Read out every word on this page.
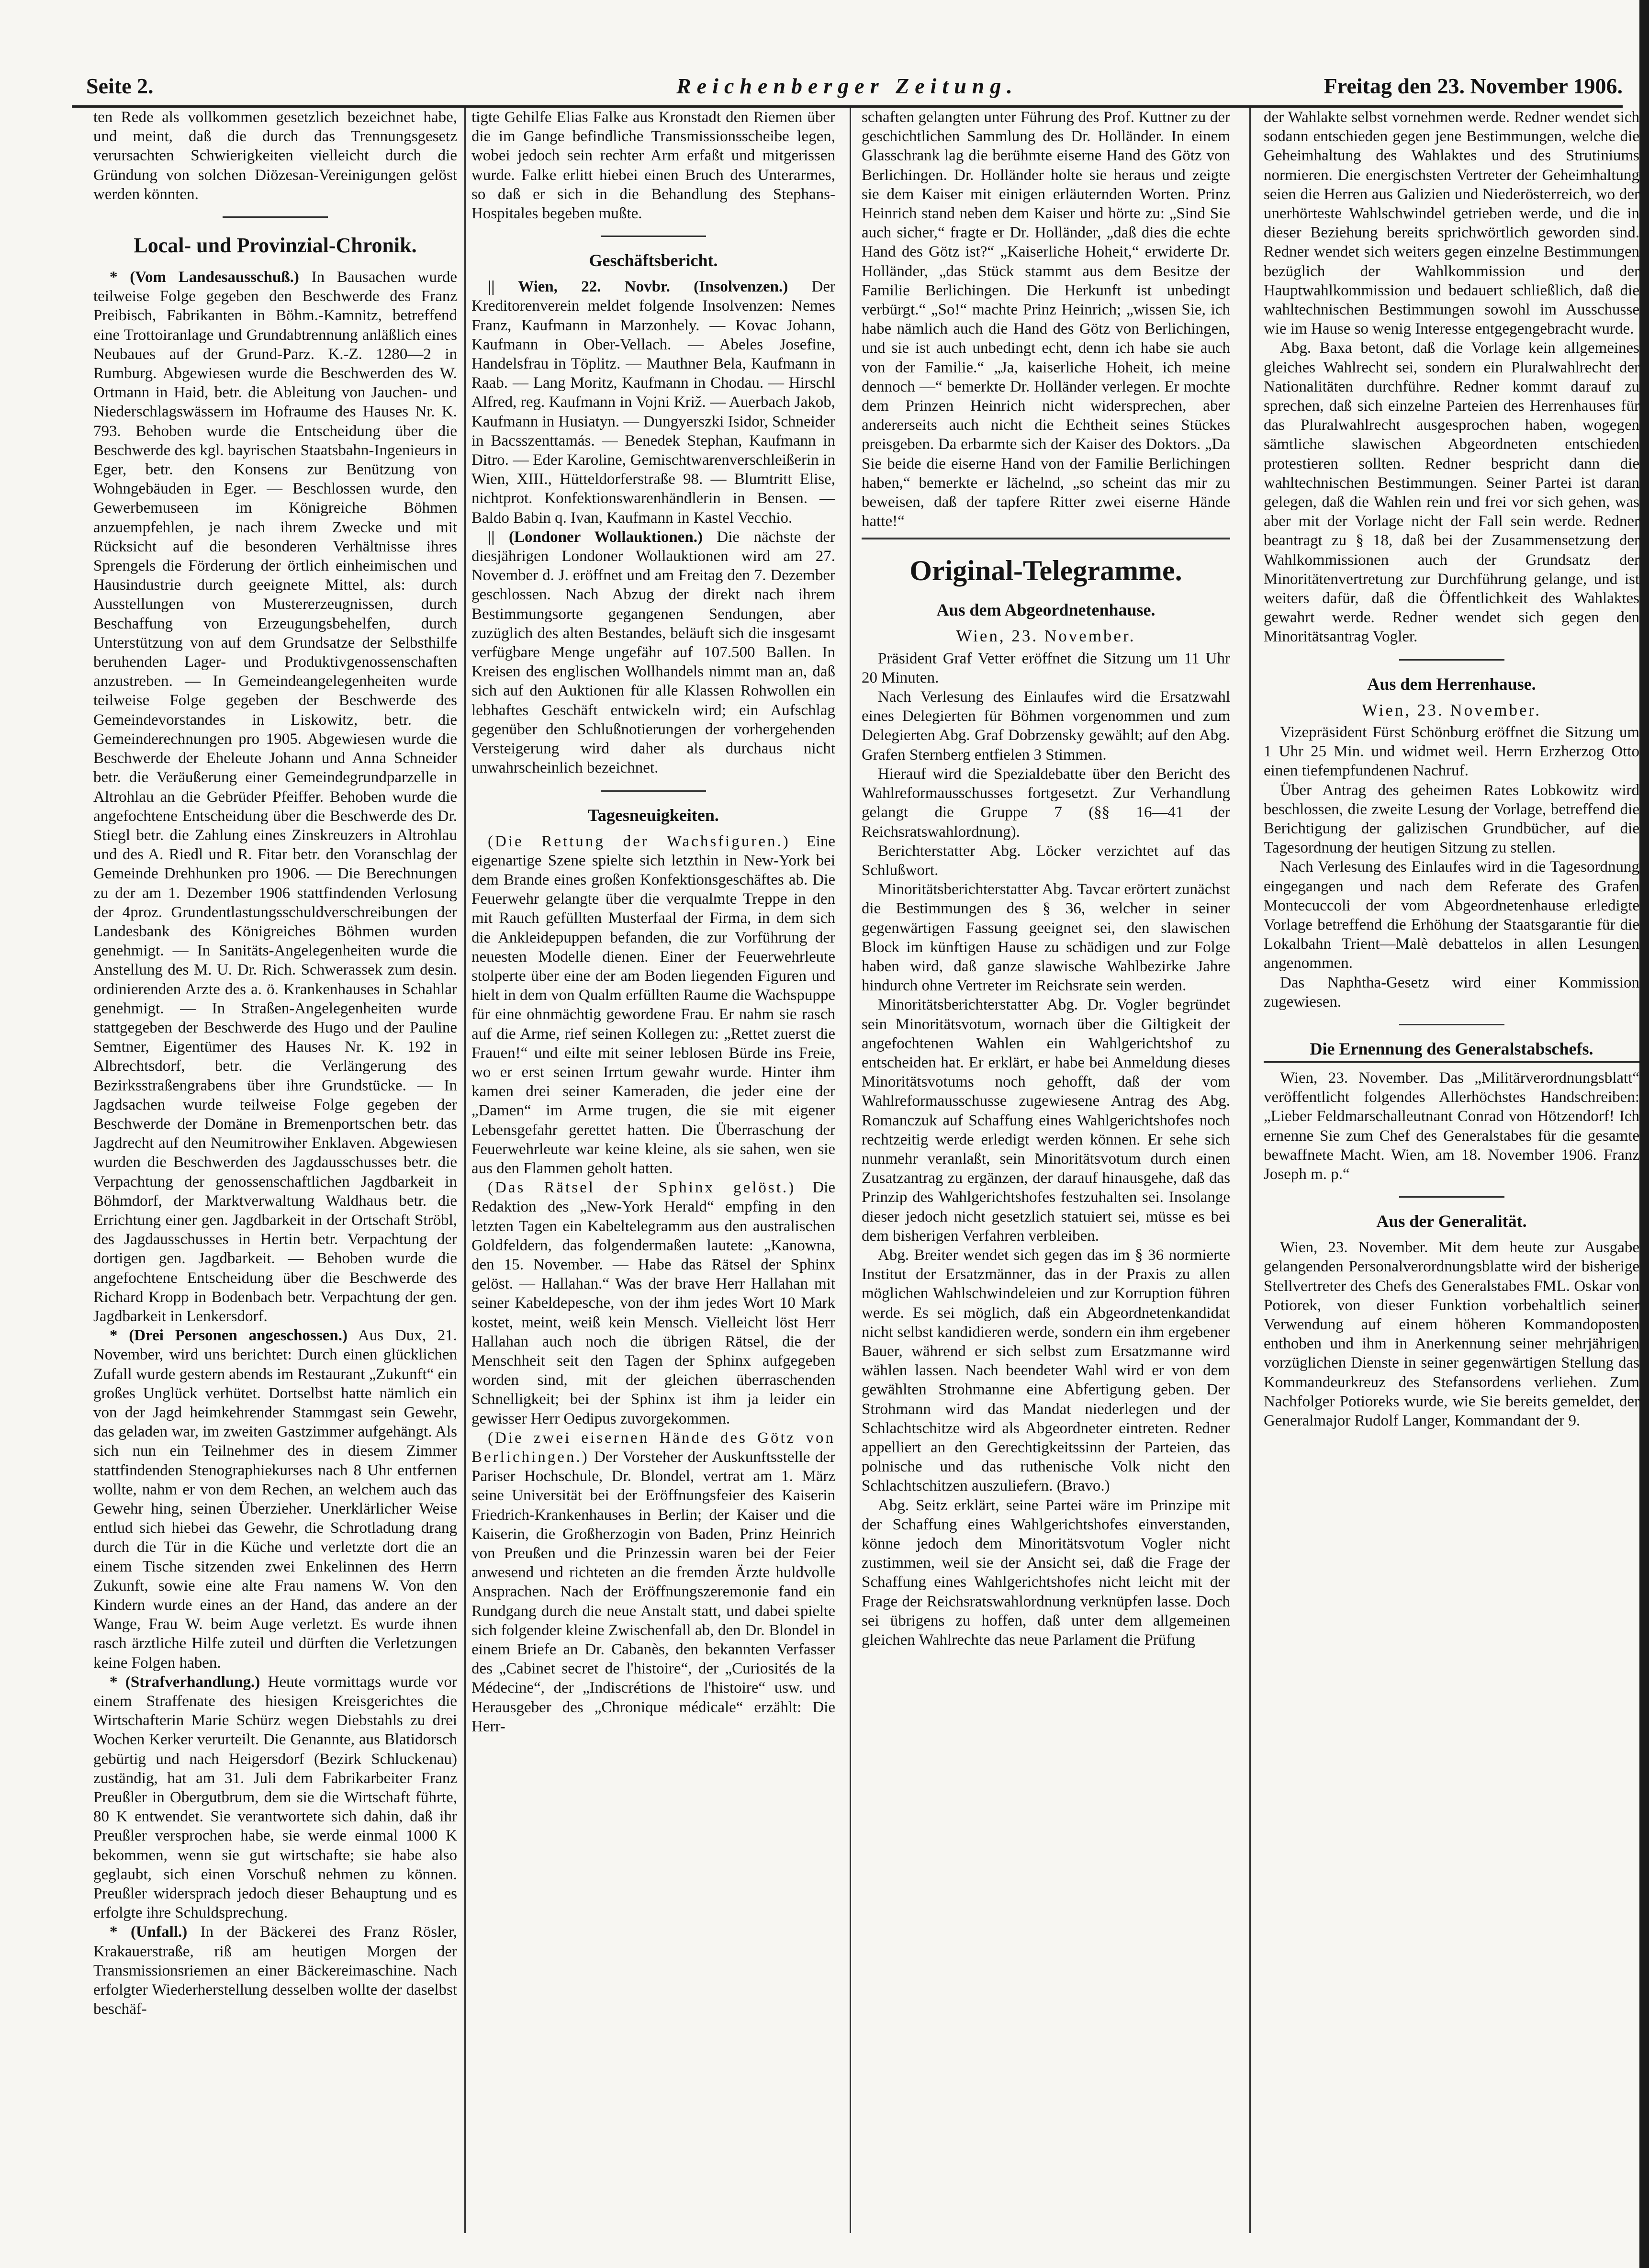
Seite 2.	Reichenberger Zeitung.	Freitag den 23. November 1906.

ten Rede als vollkommen gesetzlich bezeichnet habe, und meint, daß die durch das Trennungsgesetz verursachten Schwierigkeiten vielleicht durch die Gründung von solchen Diözesan-Vereinigungen gelöst werden könnten.

Local- und Provinzial-Chronik.

* (Vom Landesausschuß.) In Bausachen wurde teilweise Folge gegeben den Beschwerde des Franz Preibisch, Fabrikanten in Böhm.-Kamnitz, betreffend eine Trottoiranlage und Grundabtrennung anläßlich eines Neubaues auf der Grund-Parz. K.-Z. 1280—2 in Rumburg. Abgewiesen wurde die Beschwerden des W. Ortmann in Haid, betr. die Ableitung von Jauchen- und Niederschlagswässern im Hofraume des Hauses Nr. K. 793. Behoben wurde die Entscheidung über die Beschwerde des kgl. bayrischen Staatsbahn-Ingenieurs in Eger, betr. den Konsens zur Benützung von Wohngebäuden in Eger. — Beschlossen wurde, den Gewerbemuseen im Königreiche Böhmen anzuempfehlen, je nach ihrem Zwecke und mit Rücksicht auf die besonderen Verhältnisse ihres Sprengels die Förderung der örtlich einheimischen und Hausindustrie durch geeignete Mittel, als: durch Ausstellungen von Mustererzeugnissen, durch Beschaffung von Erzeugungsbehelfen, durch Unterstützung von auf dem Grundsatze der Selbsthilfe beruhenden Lager- und Produktivgenossenschaften anzustreben. — In Gemeindeangelegenheiten wurde teilweise Folge gegeben der Beschwerde des Gemeindevorstandes in Liskowitz, betr. die Gemeinderechnungen pro 1905. Abgewiesen wurde die Beschwerde der Eheleute Johann und Anna Schneider betr. die Veräußerung einer Gemeindegrundparzelle in Altrohlau an die Gebrüder Pfeiffer. Behoben wurde die angefochtene Entscheidung über die Beschwerde des Dr. Stiegl betr. die Zahlung eines Zinskreuzers in Altrohlau und des A. Riedl und R. Fitar betr. den Voranschlag der Gemeinde Drehhunken pro 1906. — Die Berechnungen zu der am 1. Dezember 1906 stattfindenden Verlosung der 4proz. Grundentlastungsschuldverschreibungen der Landesbank des Königreiches Böhmen wurden genehmigt. — In Sanitäts-Angelegenheiten wurde die Anstellung des M. U. Dr. Rich. Schwerassek zum desin. ordinierenden Arzte des a. ö. Krankenhauses in Schahlar genehmigt. — In Straßen-Angelegenheiten wurde stattgegeben der Beschwerde des Hugo und der Pauline Semtner, Eigentümer des Hauses Nr. K. 192 in Albrechtsdorf, betr. die Verlängerung des Bezirksstraßengrabens über ihre Grundstücke. — In Jagdsachen wurde teilweise Folge gegeben der Beschwerde der Domäne in Bremenportschen betr. das Jagdrecht auf den Neumitrowiher Enklaven. Abgewiesen wurden die Beschwerden des Jagdausschusses betr. die Verpachtung der genossenschaftlichen Jagdbarkeit in Böhmdorf, der Marktverwaltung Waldhaus betr. die Errichtung einer gen. Jagdbarkeit in der Ortschaft Ströbl, des Jagdausschusses in Hertin betr. Verpachtung der dortigen gen. Jagdbarkeit. — Behoben wurde die angefochtene Entscheidung über die Beschwerde des Richard Kropp in Bodenbach betr. Verpachtung der gen. Jagdbarkeit in Lenkersdorf.

* (Drei Personen angeschossen.) Aus Dux, 21. November, wird uns berichtet: Durch einen glücklichen Zufall wurde gestern abends im Restaurant „Zukunft“ ein großes Unglück verhütet. Dortselbst hatte nämlich ein von der Jagd heimkehrender Stammgast sein Gewehr, das geladen war, im zweiten Gastzimmer aufgehängt. Als sich nun ein Teilnehmer des in diesem Zimmer stattfindenden Stenographiekurses nach 8 Uhr entfernen wollte, nahm er von dem Rechen, an welchem auch das Gewehr hing, seinen Überzieher. Unerklärlicher Weise entlud sich hiebei das Gewehr, die Schrotladung drang durch die Tür in die Küche und verletzte dort die an einem Tische sitzenden zwei Enkelinnen des Herrn Zukunft, sowie eine alte Frau namens W. Von den Kindern wurde eines an der Hand, das andere an der Wange, Frau W. beim Auge verletzt. Es wurde ihnen rasch ärztliche Hilfe zuteil und dürften die Verletzungen keine Folgen haben.

* (Strafverhandlung.) Heute vormittags wurde vor einem Straffenate des hiesigen Kreisgerichtes die Wirtschafterin Marie Schürz wegen Diebstahls zu drei Wochen Kerker verurteilt. Die Genannte, aus Blatidorsch gebürtig und nach Heigersdorf (Bezirk Schluckenau) zuständig, hat am 31. Juli dem Fabrikarbeiter Franz Preußler in Obergutbrum, dem sie die Wirtschaft führte, 80 K entwendet. Sie verantwortete sich dahin, daß ihr Preußler versprochen habe, sie werde einmal 1000 K bekommen, wenn sie gut wirtschafte; sie habe also geglaubt, sich einen Vorschuß nehmen zu können. Preußler widersprach jedoch dieser Behauptung und es erfolgte ihre Schuldsprechung.

* (Unfall.) In der Bäckerei des Franz Rösler, Krakauerstraße, riß am heutigen Morgen der Transmissionsriemen an einer Bäckereimaschine. Nach erfolgter Wiederherstellung desselben wollte der daselbst beschäf-

tigte Gehilfe Elias Falke aus Kronstadt den Riemen über die im Gange befindliche Transmissionsscheibe legen, wobei jedoch sein rechter Arm erfaßt und mitgerissen wurde. Falke erlitt hiebei einen Bruch des Unterarmes, so daß er sich in die Behandlung des Stephans-Hospitales begeben mußte.

Geschäftsbericht.

|| Wien, 22. Novbr. (Insolvenzen.) Der Kreditorenverein meldet folgende Insolvenzen: Nemes Franz, Kaufmann in Marzonhely. — Kovac Johann, Kaufmann in Ober-Vellach. — Abeles Josefine, Handelsfrau in Töplitz. — Mauthner Bela, Kaufmann in Raab. — Lang Moritz, Kaufmann in Chodau. — Hirschl Alfred, reg. Kaufmann in Vojni Križ. — Auerbach Jakob, Kaufmann in Husiatyn. — Dungyerszki Isidor, Schneider in Bacsszenttamás. — Benedek Stephan, Kaufmann in Ditro. — Eder Karoline, Gemischtwarenverschleißerin in Wien, XIII., Hütteldorferstraße 98. — Blumtritt Elise, nichtprot. Konfektionswarenhändlerin in Bensen. — Baldo Babin q. Ivan, Kaufmann in Kastel Vecchio.

|| (Londoner Wollauktionen.) Die nächste der diesjährigen Londoner Wollauktionen wird am 27. November d. J. eröffnet und am Freitag den 7. Dezember geschlossen. Nach Abzug der direkt nach ihrem Bestimmungsorte gegangenen Sendungen, aber zuzüglich des alten Bestandes, beläuft sich die insgesamt verfügbare Menge ungefähr auf 107.500 Ballen. In Kreisen des englischen Wollhandels nimmt man an, daß sich auf den Auktionen für alle Klassen Rohwollen ein lebhaftes Geschäft entwickeln wird; ein Aufschlag gegenüber den Schlußnotierungen der vorhergehenden Versteigerung wird daher als durchaus nicht unwahrscheinlich bezeichnet.

Tagesneuigkeiten.

(Die Rettung der Wachsfiguren.) Eine eigenartige Szene spielte sich letzthin in New-York bei dem Brande eines großen Konfektionsgeschäftes ab. Die Feuerwehr gelangte über die verqualmte Treppe in den mit Rauch gefüllten Musterfaal der Firma, in dem sich die Ankleidepuppen befanden, die zur Vorführung der neuesten Modelle dienen. Einer der Feuerwehrleute stolperte über eine der am Boden liegenden Figuren und hielt in dem von Qualm erfüllten Raume die Wachspuppe für eine ohnmächtig gewordene Frau. Er nahm sie rasch auf die Arme, rief seinen Kollegen zu: „Rettet zuerst die Frauen!“ und eilte mit seiner leblosen Bürde ins Freie, wo er erst seinen Irrtum gewahr wurde. Hinter ihm kamen drei seiner Kameraden, die jeder eine der „Damen“ im Arme trugen, die sie mit eigener Lebensgefahr gerettet hatten. Die Überraschung der Feuerwehrleute war keine kleine, als sie sahen, wen sie aus den Flammen geholt hatten.

(Das Rätsel der Sphinx gelöst.) Die Redaktion des „New-York Herald“ empfing in den letzten Tagen ein Kabeltelegramm aus den australischen Goldfeldern, das folgendermaßen lautete: „Kanowna, den 15. November. — Habe das Rätsel der Sphinx gelöst. — Hallahan.“ Was der brave Herr Hallahan mit seiner Kabeldepesche, von der ihm jedes Wort 10 Mark kostet, meint, weiß kein Mensch. Vielleicht löst Herr Hallahan auch noch die übrigen Rätsel, die der Menschheit seit den Tagen der Sphinx aufgegeben worden sind, mit der gleichen überraschenden Schnelligkeit; bei der Sphinx ist ihm ja leider ein gewisser Herr Oedipus zuvorgekommen.

(Die zwei eisernen Hände des Götz von Berlichingen.) Der Vorsteher der Auskunftsstelle der Pariser Hochschule, Dr. Blondel, vertrat am 1. März seine Universität bei der Eröffnungsfeier des Kaiserin Friedrich-Krankenhauses in Berlin; der Kaiser und die Kaiserin, die Großherzogin von Baden, Prinz Heinrich von Preußen und die Prinzessin waren bei der Feier anwesend und richteten an die fremden Ärzte huldvolle Ansprachen. Nach der Eröffnungszeremonie fand ein Rundgang durch die neue Anstalt statt, und dabei spielte sich folgender kleine Zwischenfall ab, den Dr. Blondel in einem Briefe an Dr. Cabanès, den bekannten Verfasser des „Cabinet secret de l'histoire“, der „Curiosités de la Médecine“, der „Indiscrétions de l'histoire“ usw. und Herausgeber des „Chronique médicale“ erzählt: Die Herr-

schaften gelangten unter Führung des Prof. Kuttner zu der geschichtlichen Sammlung des Dr. Holländer. In einem Glasschrank lag die berühmte eiserne Hand des Götz von Berlichingen. Dr. Holländer holte sie heraus und zeigte sie dem Kaiser mit einigen erläuternden Worten. Prinz Heinrich stand neben dem Kaiser und hörte zu: „Sind Sie auch sicher,“ fragte er Dr. Holländer, „daß dies die echte Hand des Götz ist?“ „Kaiserliche Hoheit,“ erwiderte Dr. Holländer, „das Stück stammt aus dem Besitze der Familie Berlichingen. Die Herkunft ist unbedingt verbürgt.“ „So!“ machte Prinz Heinrich; „wissen Sie, ich habe nämlich auch die Hand des Götz von Berlichingen, und sie ist auch unbedingt echt, denn ich habe sie auch von der Familie.“ „Ja, kaiserliche Hoheit, ich meine dennoch —“ bemerkte Dr. Holländer verlegen. Er mochte dem Prinzen Heinrich nicht widersprechen, aber andererseits auch nicht die Echtheit seines Stückes preisgeben. Da erbarmte sich der Kaiser des Doktors. „Da Sie beide die eiserne Hand von der Familie Berlichingen haben,“ bemerkte er lächelnd, „so scheint das mir zu beweisen, daß der tapfere Ritter zwei eiserne Hände hatte!“

Original-Telegramme.
Aus dem Abgeordnetenhause.
Wien, 23. November.

Präsident Graf Vetter eröffnet die Sitzung um 11 Uhr 20 Minuten.

Nach Verlesung des Einlaufes wird die Ersatzwahl eines Delegierten für Böhmen vorgenommen und zum Delegierten Abg. Graf Dobrzensky gewählt; auf den Abg. Grafen Sternberg entfielen 3 Stimmen.

Hierauf wird die Spezialdebatte über den Bericht des Wahlreformausschusses fortgesetzt. Zur Verhandlung gelangt die Gruppe 7 (§§ 16—41 der Reichsratswahlordnung).

Berichterstatter Abg. Löcker verzichtet auf das Schlußwort.

Minoritätsberichterstatter Abg. Tavcar erörtert zunächst die Bestimmungen des § 36, welcher in seiner gegenwärtigen Fassung geeignet sei, den slawischen Block im künftigen Hause zu schädigen und zur Folge haben wird, daß ganze slawische Wahlbezirke Jahre hindurch ohne Vertreter im Reichsrate sein werden.

Minoritätsberichterstatter Abg. Dr. Vogler begründet sein Minoritätsvotum, wornach über die Giltigkeit der angefochtenen Wahlen ein Wahlgerichtshof zu entscheiden hat. Er erklärt, er habe bei Anmeldung dieses Minoritätsvotums noch gehofft, daß der vom Wahlreformausschusse zugewiesene Antrag des Abg. Romanczuk auf Schaffung eines Wahlgerichtshofes noch rechtzeitig werde erledigt werden können. Er sehe sich nunmehr veranlaßt, sein Minoritätsvotum durch einen Zusatzantrag zu ergänzen, der darauf hinausgehe, daß das Prinzip des Wahlgerichtshofes festzuhalten sei. Insolange dieser jedoch nicht gesetzlich statuiert sei, müsse es bei dem bisherigen Verfahren verbleiben.

Abg. Breiter wendet sich gegen das im § 36 normierte Institut der Ersatzmänner, das in der Praxis zu allen möglichen Wahlschwindeleien und zur Korruption führen werde. Es sei möglich, daß ein Abgeordnetenkandidat nicht selbst kandidieren werde, sondern ein ihm ergebener Bauer, während er sich selbst zum Ersatzmanne wird wählen lassen. Nach beendeter Wahl wird er von dem gewählten Strohmanne eine Abfertigung geben. Der Strohmann wird das Mandat niederlegen und der Schlachtschitze wird als Abgeordneter eintreten. Redner appelliert an den Gerechtigkeitssinn der Parteien, das polnische und das ruthenische Volk nicht den Schlachtschitzen auszuliefern. (Bravo.)

Abg. Seitz erklärt, seine Partei wäre im Prinzipe mit der Schaffung eines Wahlgerichtshofes einverstanden, könne jedoch dem Minoritätsvotum Vogler nicht zustimmen, weil sie der Ansicht sei, daß die Frage der Schaffung eines Wahlgerichtshofes nicht leicht mit der Frage der Reichsratswahlordnung verknüpfen lasse. Doch sei übrigens zu hoffen, daß unter dem allgemeinen gleichen Wahlrechte das neue Parlament die Prüfung

der Wahlakte selbst vornehmen werde. Redner wendet sich sodann entschieden gegen jene Bestimmungen, welche die Geheimhaltung des Wahlaktes und des Strutiniums normieren. Die energischsten Vertreter der Geheimhaltung seien die Herren aus Galizien und Niederösterreich, wo der unerhörteste Wahlschwindel getrieben werde, und die in dieser Beziehung bereits sprichwörtlich geworden sind. Redner wendet sich weiters gegen einzelne Bestimmungen bezüglich der Wahlkommission und der Hauptwahlkommission und bedauert schließlich, daß die wahltechnischen Bestimmungen sowohl im Ausschusse wie im Hause so wenig Interesse entgegengebracht wurde.

Abg. Baxa betont, daß die Vorlage kein allgemeines gleiches Wahlrecht sei, sondern ein Pluralwahlrecht der Nationalitäten durchführe. Redner kommt darauf zu sprechen, daß sich einzelne Parteien des Herrenhauses für das Pluralwahlrecht ausgesprochen haben, wogegen sämtliche slawischen Abgeordneten entschieden protestieren sollten. Redner bespricht dann die wahltechnischen Bestimmungen. Seiner Partei ist daran gelegen, daß die Wahlen rein und frei vor sich gehen, was aber mit der Vorlage nicht der Fall sein werde. Redner beantragt zu § 18, daß bei der Zusammensetzung der Wahlkommissionen auch der Grundsatz der Minoritätenvertretung zur Durchführung gelange, und ist weiters dafür, daß die Öffentlichkeit des Wahlaktes gewahrt werde. Redner wendet sich gegen den Minoritätsantrag Vogler.

Aus dem Herrenhause.
Wien, 23. November.

Vizepräsident Fürst Schönburg eröffnet die Sitzung um 1 Uhr 25 Min. und widmet weil. Herrn Erzherzog Otto einen tiefempfundenen Nachruf.

Über Antrag des geheimen Rates Lobkowitz wird beschlossen, die zweite Lesung der Vorlage, betreffend die Berichtigung der galizischen Grundbücher, auf die Tagesordnung der heutigen Sitzung zu stellen.

Nach Verlesung des Einlaufes wird in die Tagesordnung eingegangen und nach dem Referate des Grafen Montecuccoli der vom Abgeordnetenhause erledigte Vorlage betreffend die Erhöhung der Staatsgarantie für die Lokalbahn Trient—Malè debattelos in allen Lesungen angenommen.

Das Naphtha-Gesetz wird einer Kommission zugewiesen.

Die Ernennung des Generalstabschefs.

Wien, 23. November. Das „Militärverordnungsblatt“ veröffentlicht folgendes Allerhöchstes Handschreiben: „Lieber Feldmarschalleutnant Conrad von Hötzendorf! Ich ernenne Sie zum Chef des Generalstabes für die gesamte bewaffnete Macht. Wien, am 18. November 1906. Franz Joseph m. p.“

Aus der Generalität.

Wien, 23. November. Mit dem heute zur Ausgabe gelangenden Personalverordnungsblatte wird der bisherige Stellvertreter des Chefs des Generalstabes FML. Oskar von Potiorek, von dieser Funktion vorbehaltlich seiner Verwendung auf einem höheren Kommandoposten enthoben und ihm in Anerkennung seiner mehrjährigen vorzüglichen Dienste in seiner gegenwärtigen Stellung das Kommandeurkreuz des Stefansordens verliehen. Zum Nachfolger Potioreks wurde, wie Sie bereits gemeldet, der Generalmajor Rudolf Langer, Kommandant der 9.
